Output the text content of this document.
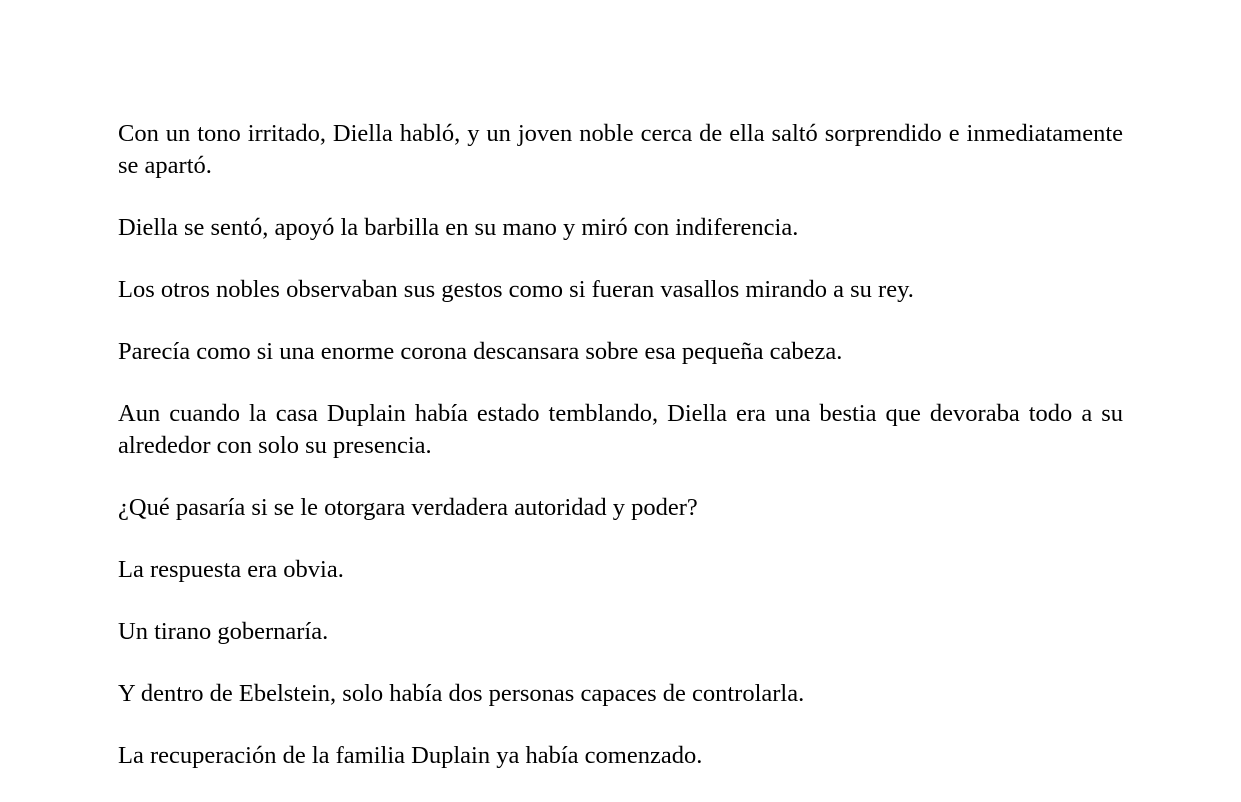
Con un tono irritado, Diella habló, y un joven noble cerca de ella saltó sorprendido e inmediatamente se apartó.

Diella se sentó, apoyó la barbilla en su mano y miró con indiferencia.

Los otros nobles observaban sus gestos como si fueran vasallos mirando a su rey.

Parecía como si una enorme corona descansara sobre esa pequeña cabeza.

Aun cuando la casa Duplain había estado temblando, Diella era una bestia que devoraba todo a su alrededor con solo su presencia.

¿Qué pasaría si se le otorgara verdadera autoridad y poder?

La respuesta era obvia.

Un tirano gobernaría.

Y dentro de Ebelstein, solo había dos personas capaces de controlarla.

La recuperación de la familia Duplain ya había comenzado.
